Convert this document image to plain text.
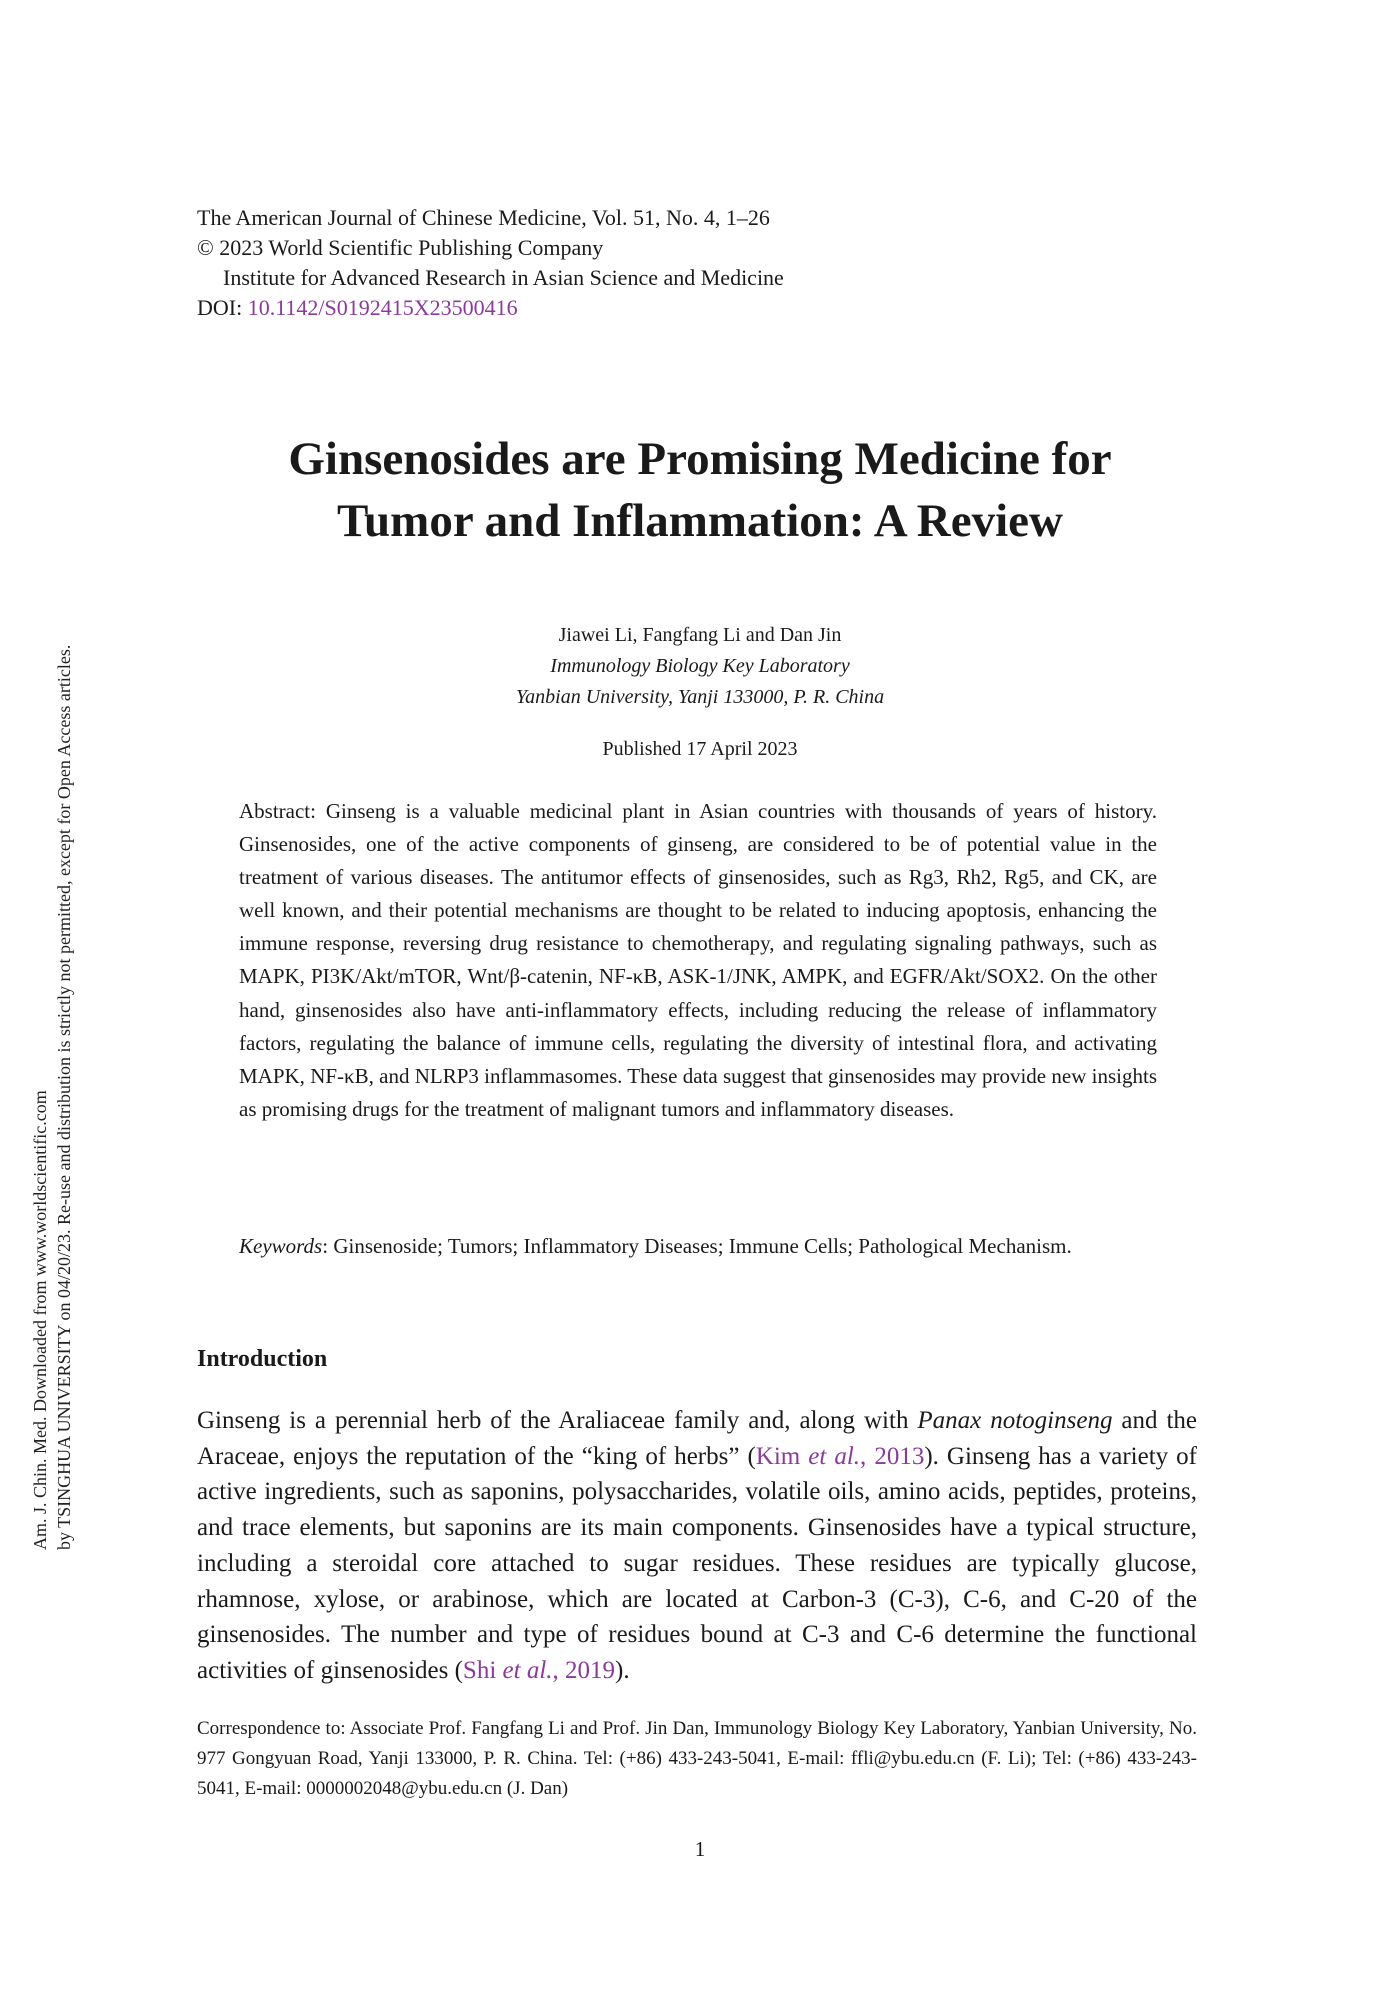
Am. J. Chin. Med. Downloaded from www.worldscientific.com by TSINGHUA UNIVERSITY on 04/20/23. Re-use and distribution is strictly not permitted, except for Open Access articles.
The American Journal of Chinese Medicine, Vol. 51, No. 4, 1–26
© 2023 World Scientific Publishing Company
Institute for Advanced Research in Asian Science and Medicine
DOI: 10.1142/S0192415X23500416
Ginsenosides are Promising Medicine for
Tumor and Inflammation: A Review
Jiawei Li, Fangfang Li and Dan Jin
Immunology Biology Key Laboratory
Yanbian University, Yanji 133000, P. R. China
Published 17 April 2023

Abstract: Ginseng is a valuable medicinal plant in Asian countries with thousands of years of history. Ginsenosides, one of the active components of ginseng, are considered to be of potential value in the treatment of various diseases. The antitumor effects of ginsenosides, such as Rg3, Rh2, Rg5, and CK, are well known, and their potential mechanisms are thought to be related to inducing apoptosis, enhancing the immune response, reversing drug resistance to chemotherapy, and regulating signaling pathways, such as MAPK, PI3K/Akt/​mTOR, Wnt/β-catenin, NF-κB, ASK-1/JNK, AMPK, and EGFR/Akt/SOX2. On the other hand, ginsenosides also have anti-inflammatory effects, including reducing the release of inflammatory factors, regulating the balance of immune cells, regulating the diversity of intestinal flora, and activating MAPK, NF-κB, and NLRP3 inflammasomes. These data suggest that ginsenosides may provide new insights as promising drugs for the treatment of malignant tumors and inflammatory diseases.

Keywords: Ginsenoside; Tumors; Inflammatory Diseases; Immune Cells; Pathological Mechanism.
Introduction
Ginseng is a perennial herb of the Araliaceae family and, along with Panax notoginseng and the Araceae, enjoys the reputation of the “king of herbs” (Kim et al., 2013). Ginseng has a variety of active ingredients, such as saponins, polysaccharides, volatile oils, amino acids, peptides, proteins, and trace elements, but saponins are its main components. Ginsenosides have a typical structure, including a steroidal core attached to sugar residues. These residues are typically glucose, rhamnose, xylose, or arabinose, which are located at Carbon-3 (C-3), C-6, and C-20 of the ginsenosides. The number and type of residues bound at C-3 and C-6 determine the functional activities of ginsenosides (Shi et al., 2019).
Correspondence to: Associate Prof. Fangfang Li and Prof. Jin Dan, Immunology Biology Key Laboratory, Yanbian University, No. 977 Gongyuan Road, Yanji 133000, P. R. China. Tel: (+86) 433-243-5041, E-mail: ffli@ybu.edu.cn (F. Li); Tel: (+86) 433-243-5041, E-mail: 0000002048@ybu.edu.cn (J. Dan)
1
